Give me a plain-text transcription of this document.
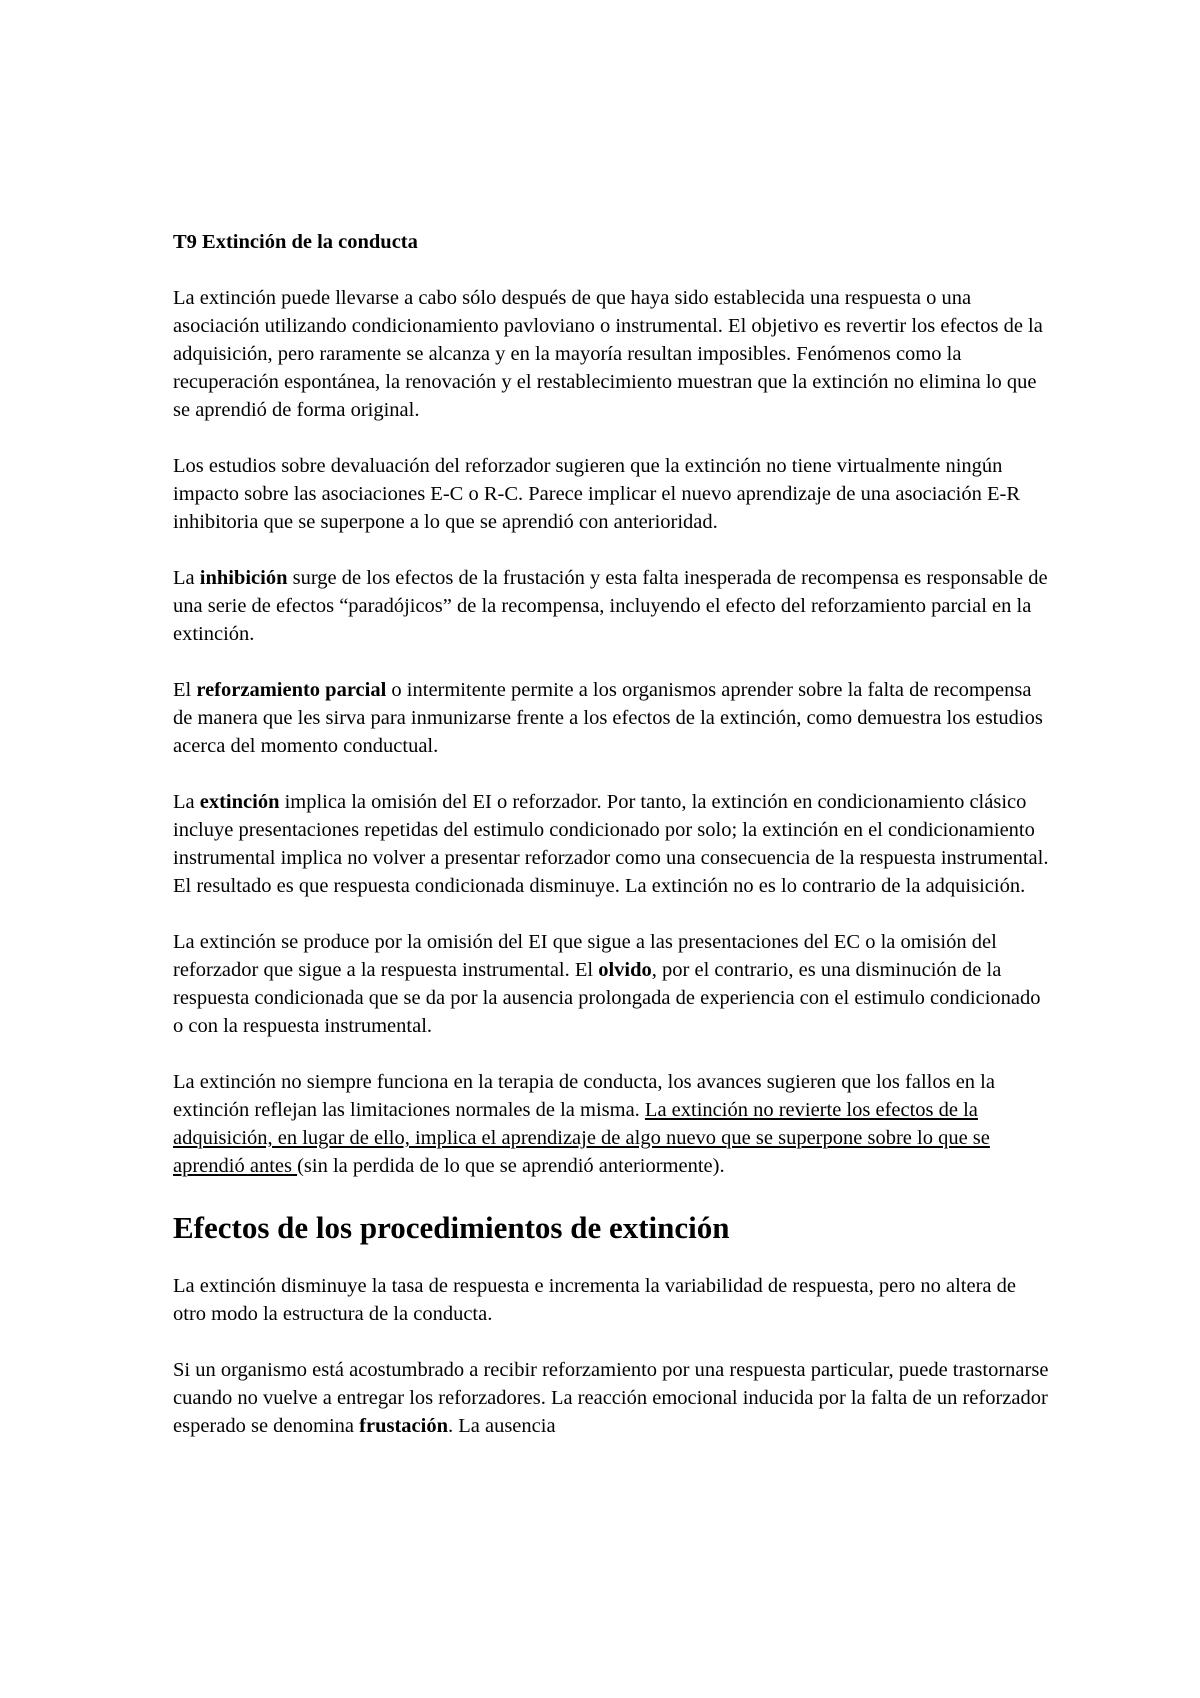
T9 Extinción de la conducta

La extinción puede llevarse a cabo sólo después de que haya sido establecida una respuesta o una asociación utilizando condicionamiento pavloviano o instrumental. El objetivo es revertir los efectos de la adquisición, pero raramente se alcanza y en la mayoría resultan imposibles. Fenómenos como la recuperación espontánea, la renovación y el restablecimiento muestran que la extinción no elimina lo que se aprendió de forma original.

Los estudios sobre devaluación del reforzador sugieren que la extinción no tiene virtualmente ningún impacto sobre las asociaciones E-C o R-C. Parece implicar el nuevo aprendizaje de una asociación E-R inhibitoria que se superpone a lo que se aprendió con anterioridad.

La inhibición surge de los efectos de la frustación y esta falta inesperada de recompensa es responsable de una serie de efectos “paradójicos” de la recompensa, incluyendo el efecto del reforzamiento parcial en la extinción.

El reforzamiento parcial o intermitente permite a los organismos aprender sobre la falta de recompensa de manera que les sirva para inmunizarse frente a los efectos de la extinción, como demuestra los estudios acerca del momento conductual.

La extinción implica la omisión del EI o reforzador. Por tanto, la extinción en condicionamiento clásico incluye presentaciones repetidas del estimulo condicionado por solo; la extinción en el condicionamiento instrumental implica no volver a presentar reforzador como una consecuencia de la respuesta instrumental. El resultado es que respuesta condicionada disminuye. La extinción no es lo contrario de la adquisición.

La extinción se produce por la omisión del EI que sigue a las presentaciones del EC o la omisión del reforzador que sigue a la respuesta instrumental. El olvido, por el contrario, es una disminución de la respuesta condicionada que se da por la ausencia prolongada de experiencia con el estimulo condicionado o con la respuesta instrumental.

La extinción no siempre funciona en la terapia de conducta, los avances sugieren que los fallos en la extinción reflejan las limitaciones normales de la misma. La extinción no revierte los efectos de la adquisición, en lugar de ello, implica el aprendizaje de algo nuevo que se superpone sobre lo que se aprendió antes (sin la perdida de lo que se aprendió anteriormente).

Efectos de los procedimientos de extinción

La extinción disminuye la tasa de respuesta e incrementa la variabilidad de respuesta, pero no altera de otro modo la estructura de la conducta.

Si un organismo está acostumbrado a recibir reforzamiento por una respuesta particular, puede trastornarse cuando no vuelve a entregar los reforzadores. La reacción emocional inducida por la falta de un reforzador esperado se denomina frustación. La ausencia
